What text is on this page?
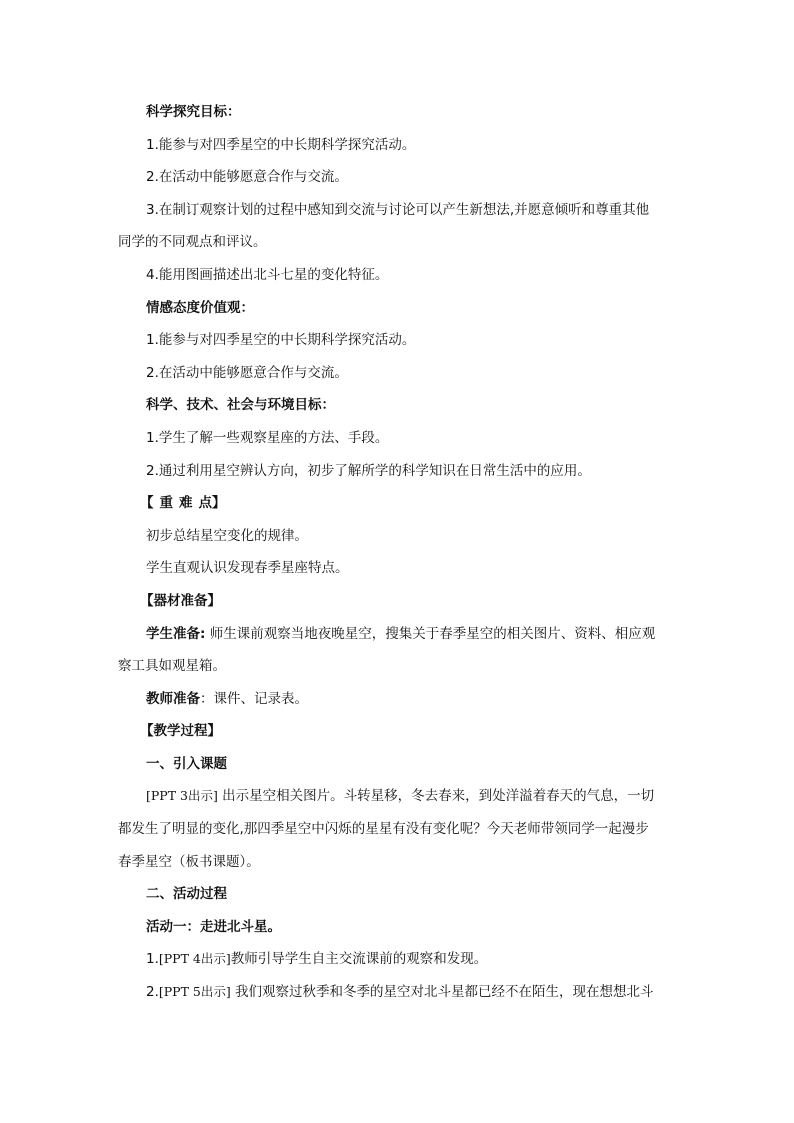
科学探究目标：
1.能参与对四季星空的中长期科学探究活动。
2.在活动中能够愿意合作与交流。
3.在制订观察计划的过程中感知到交流与讨论可以产生新想法,并愿意倾听和尊重其他
同学的不同观点和评议。
4.能用图画描述出北斗七星的变化特征。
情感态度价值观：
1.能参与对四季星空的中长期科学探究活动。
2.在活动中能够愿意合作与交流。
科学、技术、社会与环境目标：
1.学生了解一些观察星座的方法、手段。
2.通过利用星空辨认方向，初步了解所学的科学知识在日常生活中的应用。
【重难点】
初步总结星空变化的规律。
学生直观认识发现春季星座特点。
【器材准备】
学生准备: 师生课前观察当地夜晚星空，搜集关于春季星空的相关图片、资料、相应观
察工具如观星箱。
教师准备：课件、记录表。
【教学过程】
一、引入课题
[PPT 3出示] 出示星空相关图片。斗转星移，冬去春来，到处洋溢着春天的气息，一切
都发生了明显的变化,那四季星空中闪烁的星星有没有变化呢？今天老师带领同学一起漫步
春季星空（板书课题）。
二、活动过程
活动一：走进北斗星。
1.[PPT 4出示]教师引导学生自主交流课前的观察和发现。
2.[PPT 5出示] 我们观察过秋季和冬季的星空对北斗星都已经不在陌生，现在想想北斗
